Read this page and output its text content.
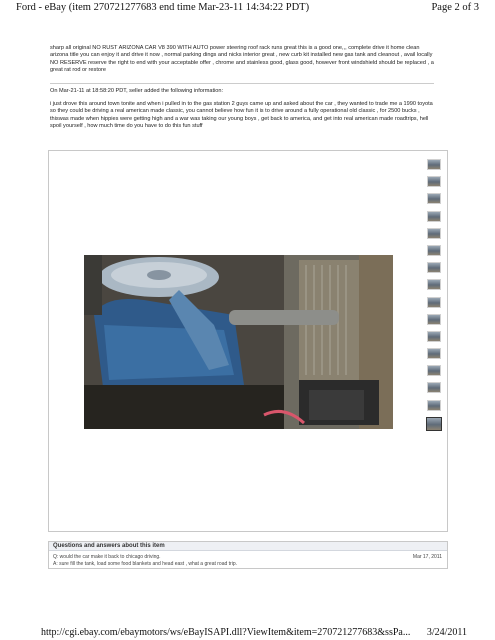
Ford - eBay (item 270721277683 end time Mar-23-11 14:34:22 PDT)	Page 2 of 3
sharp all original NO RUST ARIZONA CAR V8 390 WITH AUTO power steering roof rack runs great this is a good one,,, complete drive it home clean arizona title you can enjoy it and drive it now , normal parking dings and nicks interior great , new curb kit installed new gas tank and cleanout , avail locally NO RESERVE reserve the right to end with your acceptable offer , chrome and stainless good, glass good, however front windshield should be replaced , a great rat rod or restore
On Mar-21-11 at 18:58:20 PDT, seller added the following information:
i just drove this around town tonite and when i pulled in to the gas station 2 guys came up and asked about the car , they wanted to trade me a 1990 toyota so they could be driving a real american made classic, you cannot believe how fun it is to drive around a fully operational old classic , for 2500 bucks , thiswas made when hippies were getting high and a war was taking our young boys , get back to america, and get into real american made roadtrips, hell spoil yourself , how much time do you have to do this fun stuff
Questions and answers about this item
Q: would the car make it back to chicago driving.	Mar 17, 2011
A: sure fill the tank, load some food blankets and head east , what a great road trip.
http://cgi.ebay.com/ebaymotors/ws/eBayISAPI.dll?ViewItem&item=270721277683&ssPa... 3/24/2011
